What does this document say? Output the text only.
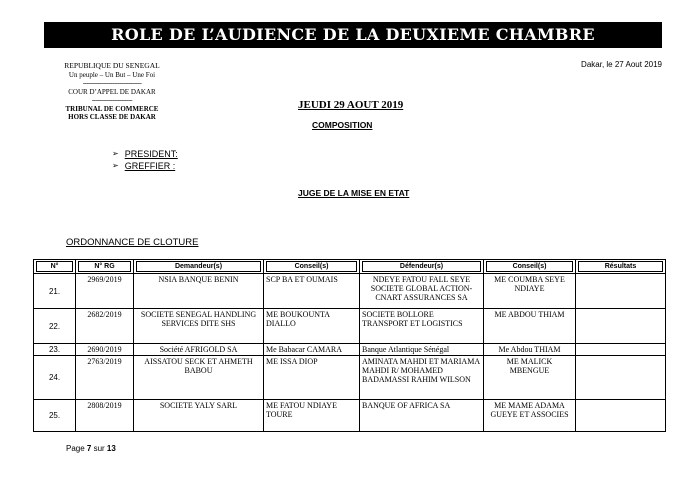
ROLE DE L’AUDIENCE DE LA DEUXIEME CHAMBRE
REPUBLIQUE DU SENEGAL
Un peuple – Un But – Une Foi
--------------------------------
COUR D’APPEL DE DAKAR
----------------------
TRIBUNAL DE COMMERCE
HORS CLASSE DE DAKAR
Dakar, le 27 Aout 2019
JEUDI 29 AOUT 2019
COMPOSITION
➢ PRESIDENT:
➢ GREFFIER :
JUGE DE LA MISE EN ETAT
ORDONNANCE DE CLOTURE
N°	N° RG	Demandeur(s)	Conseil(s)	Défendeur(s)	Conseil(s)	Résultats

21.	2969/2019	NSIA BANQUE BENIN	SCP BA ET OUMAIS	NDEYE FATOU FALL SEYE SOCIETE GLOBAL ACTION-CNART ASSURANCES SA	ME COUMBA SEYE NDIAYE	
22.	2682/2019	SOCIETE SENEGAL HANDLING SERVICES DITE SHS	ME BOUKOUNTA DIALLO	SOCIETE BOLLORE TRANSPORT ET LOGISTICS	ME ABDOU THIAM	
23.	2690/2019	Société AFRIGOLD SA	Me Babacar CAMARA	Banque Atlantique Sénégal	Me Abdou THIAM	
24.	2763/2019	AISSATOU SECK ET AHMETH BABOU	ME ISSA DIOP	AMINATA MAHDI ET MARIAMA MAHDI R/ MOHAMED BADAMASSI RAHIM WILSON	ME MALICK MBENGUE	
25.	2808/2019	SOCIETE YALY SARL	ME FATOU NDIAYE TOURE	BANQUE OF AFRICA SA	ME MAME ADAMA GUEYE ET ASSOCIES	
Page 7 sur 13
